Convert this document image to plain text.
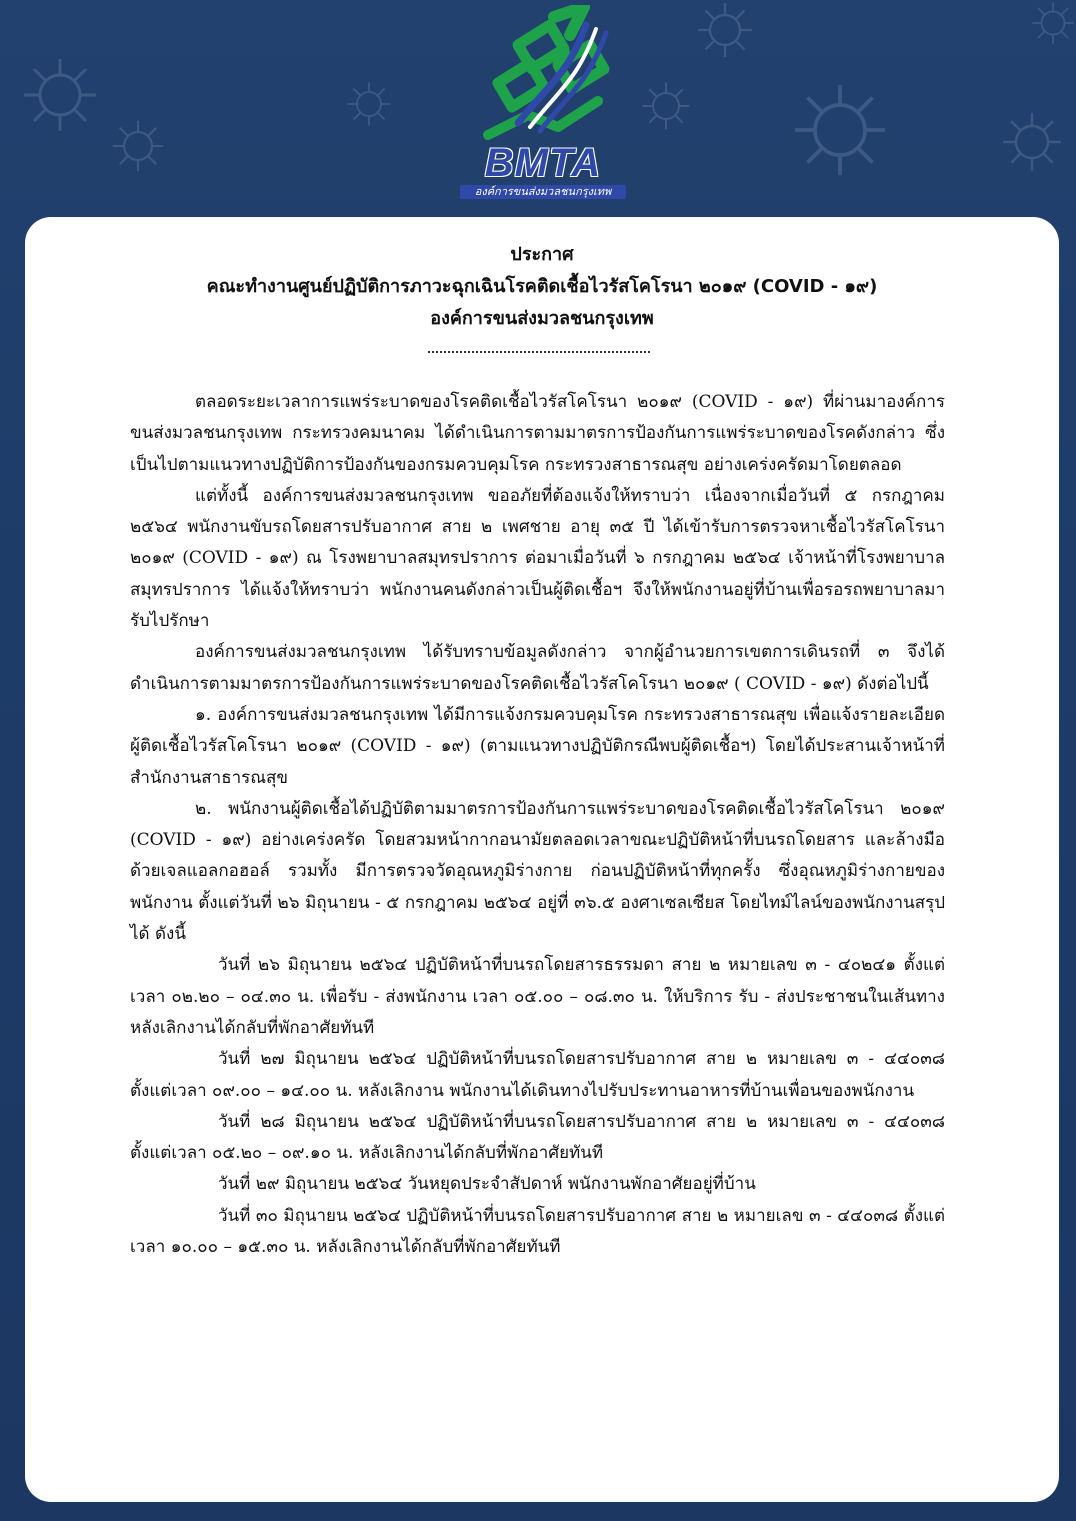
BMTA
องค์การขนส่งมวลชนกรุงเทพ
ประกาศ
คณะทำงานศูนย์ปฏิบัติการภาวะฉุกเฉินโรคติดเชื้อไวรัสโคโรนา ๒๐๑๙ (COVID - ๑๙)
องค์การขนส่งมวลชนกรุงเทพ

ตลอดระยะเวลาการแพร่ระบาดของโรคติดเชื้อไวรัสโคโรนา ๒๐๑๙ (COVID - ๑๙) ที่ผ่านมาองค์การขนส่งมวลชนกรุงเทพ กระทรวงคมนาคม ได้ดำเนินการตามมาตรการป้องกันการแพร่ระบาดของโรคดังกล่าว ซึ่งเป็นไปตามแนวทางปฏิบัติการป้องกันของกรมควบคุมโรค กระทรวงสาธารณสุข อย่างเคร่งครัดมาโดยตลอด

แต่ทั้งนี้ องค์การขนส่งมวลชนกรุงเทพ ขออภัยที่ต้องแจ้งให้ทราบว่า เนื่องจากเมื่อวันที่ ๕ กรกฎาคม ๒๕๖๔ พนักงานขับรถโดยสารปรับอากาศ สาย ๒ เพศชาย อายุ ๓๕ ปี ได้เข้ารับการตรวจหาเชื้อไวรัสโคโรนา ๒๐๑๙ (COVID - ๑๙) ณ โรงพยาบาลสมุทรปราการ ต่อมาเมื่อวันที่ ๖ กรกฎาคม ๒๕๖๔ เจ้าหน้าที่โรงพยาบาลสมุทรปราการ ได้แจ้งให้ทราบว่า พนักงานคนดังกล่าวเป็นผู้ติดเชื้อฯ จึงให้พนักงานอยู่ที่บ้านเพื่อรอรถพยาบาลมารับไปรักษา

องค์การขนส่งมวลชนกรุงเทพ ได้รับทราบข้อมูลดังกล่าว จากผู้อำนวยการเขตการเดินรถที่ ๓ จึงได้ดำเนินการตามมาตรการป้องกันการแพร่ระบาดของโรคติดเชื้อไวรัสโคโรนา ๒๐๑๙ ( COVID - ๑๙) ดังต่อไปนี้

๑. องค์การขนส่งมวลชนกรุงเทพ ได้มีการแจ้งกรมควบคุมโรค กระทรวงสาธารณสุข เพื่อแจ้งรายละเอียดผู้ติดเชื้อไวรัสโคโรนา ๒๐๑๙ (COVID - ๑๙) (ตามแนวทางปฏิบัติกรณีพบผู้ติดเชื้อฯ) โดยได้ประสานเจ้าหน้าที่สำนักงานสาธารณสุข

๒. พนักงานผู้ติดเชื้อได้ปฏิบัติตามมาตรการป้องกันการแพร่ระบาดของโรคติดเชื้อไวรัสโคโรนา ๒๐๑๙ (COVID - ๑๙) อย่างเคร่งครัด โดยสวมหน้ากากอนามัยตลอดเวลาขณะปฏิบัติหน้าที่บนรถโดยสาร และล้างมือด้วยเจลแอลกอฮอล์ รวมทั้ง มีการตรวจวัดอุณหภูมิร่างกาย ก่อนปฏิบัติหน้าที่ทุกครั้ง ซึ่งอุณหภูมิร่างกายของพนักงาน ตั้งแต่วันที่ ๒๖ มิถุนายน - ๕ กรกฎาคม ๒๕๖๔ อยู่ที่ ๓๖.๕ องศาเซลเซียส โดยไทม์ไลน์ของพนักงานสรุปได้ ดังนี้

วันที่ ๒๖ มิถุนายน ๒๕๖๔ ปฏิบัติหน้าที่บนรถโดยสารธรรมดา สาย ๒ หมายเลข ๓ - ๔๐๒๔๑ ตั้งแต่เวลา ๐๒.๒๐ – ๐๔.๓๐ น. เพื่อรับ - ส่งพนักงาน เวลา ๐๕.๐๐ – ๐๘.๓๐ น. ให้บริการ รับ - ส่งประชาชนในเส้นทาง หลังเลิกงานได้กลับที่พักอาศัยทันที

วันที่ ๒๗ มิถุนายน ๒๕๖๔ ปฏิบัติหน้าที่บนรถโดยสารปรับอากาศ สาย ๒ หมายเลข ๓ - ๔๔๐๓๘ ตั้งแต่เวลา ๐๙.๐๐ – ๑๔.๐๐ น. หลังเลิกงาน พนักงานได้เดินทางไปรับประทานอาหารที่บ้านเพื่อนของพนักงาน

วันที่ ๒๘ มิถุนายน ๒๕๖๔ ปฏิบัติหน้าที่บนรถโดยสารปรับอากาศ สาย ๒ หมายเลข ๓ - ๔๔๐๓๘ ตั้งแต่เวลา ๐๕.๒๐ – ๐๙.๑๐ น. หลังเลิกงานได้กลับที่พักอาศัยทันที

วันที่ ๒๙ มิถุนายน ๒๕๖๔ วันหยุดประจำสัปดาห์ พนักงานพักอาศัยอยู่ที่บ้าน

วันที่ ๓๐ มิถุนายน ๒๕๖๔ ปฏิบัติหน้าที่บนรถโดยสารปรับอากาศ สาย ๒ หมายเลข ๓ - ๔๔๐๓๘ ตั้งแต่เวลา ๑๐.๐๐ – ๑๕.๓๐ น. หลังเลิกงานได้กลับที่พักอาศัยทันที
